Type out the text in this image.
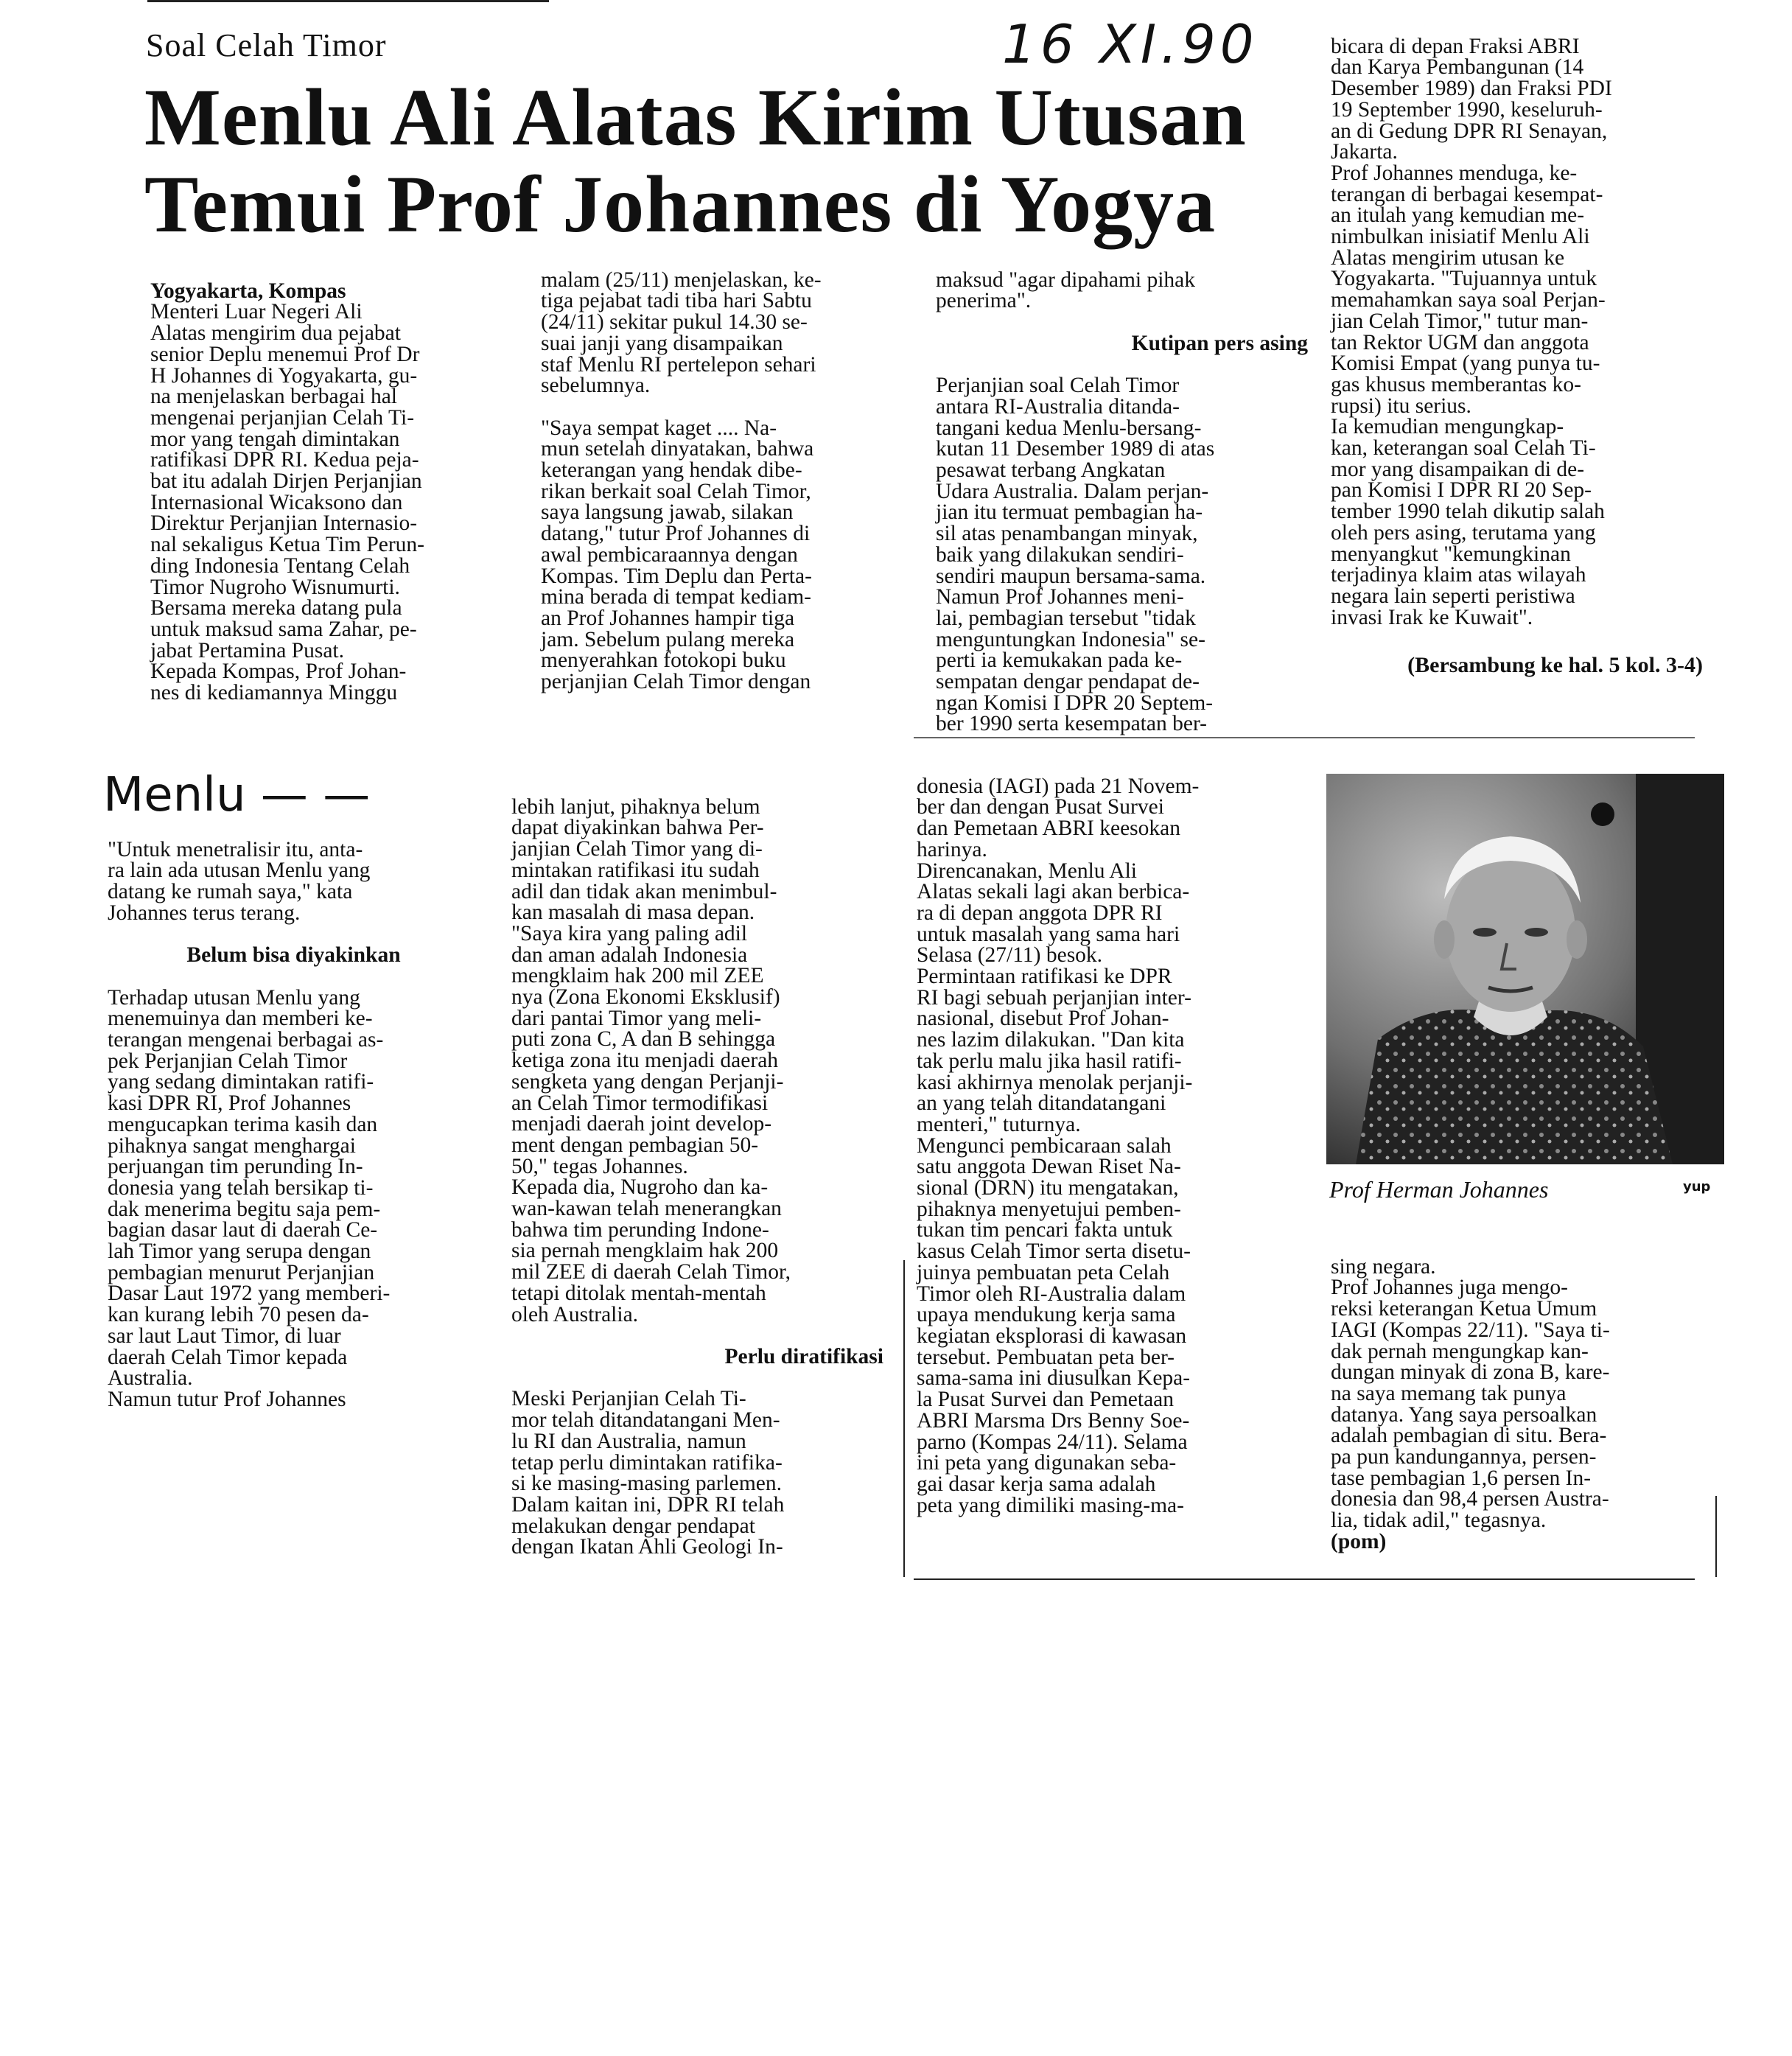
Soal Celah Timor	16 XI.90
Menlu Ali Alatas Kirim Utusan Temui Prof Johannes di Yogya

Yogyakarta, Kompas

Menteri Luar Negeri Ali
Alatas mengirim dua pejabat
senior Deplu menemui Prof Dr
H Johannes di Yogyakarta, gu-
na menjelaskan berbagai hal
mengenai perjanjian Celah Ti-
mor yang tengah dimintakan
ratifikasi DPR RI. Kedua peja-
bat itu adalah Dirjen Perjanjian
Internasional Wicaksono dan
Direktur Perjanjian Internasio-
nal sekaligus Ketua Tim Perun-
ding Indonesia Tentang Celah
Timor Nugroho Wisnumurti.
Bersama mereka datang pula
untuk maksud sama Zahar, pe-
jabat Pertamina Pusat.
Kepada Kompas, Prof Johan-
nes di kediamannya Minggu

malam (25/11) menjelaskan, ke-
tiga pejabat tadi tiba hari Sabtu
(24/11) sekitar pukul 14.30 se-
suai janji yang disampaikan
staf Menlu RI pertelepon sehari
sebelumnya.

"Saya sempat kaget .... Na-
mun setelah dinyatakan, bahwa
keterangan yang hendak dibe-
rikan berkait soal Celah Timor,
saya langsung jawab, silakan
datang," tutur Prof Johannes di
awal pembicaraannya dengan
Kompas. Tim Deplu dan Perta-
mina berada di tempat kediam-
an Prof Johannes hampir tiga
jam. Sebelum pulang mereka
menyerahkan fotokopi buku
perjanjian Celah Timor dengan

maksud "agar dipahami pihak
penerima".

Kutipan pers asing

Perjanjian soal Celah Timor
antara RI-Australia ditanda-
tangani kedua Menlu-bersang-
kutan 11 Desember 1989 di atas
pesawat terbang Angkatan
Udara Australia. Dalam perjan-
jian itu termuat pembagian ha-
sil atas penambangan minyak,
baik yang dilakukan sendiri-
sendiri maupun bersama-sama.
Namun Prof Johannes meni-
lai, pembagian tersebut "tidak
menguntungkan Indonesia" se-
perti ia kemukakan pada ke-
sempatan dengar pendapat de-
ngan Komisi I DPR 20 Septem-
ber 1990 serta kesempatan ber-

bicara di depan Fraksi ABRI
dan Karya Pembangunan (14
Desember 1989) dan Fraksi PDI
19 September 1990, keseluruh-
an di Gedung DPR RI Senayan,
Jakarta.
Prof Johannes menduga, ke-
terangan di berbagai kesempat-
an itulah yang kemudian me-
nimbulkan inisiatif Menlu Ali
Alatas mengirim utusan ke
Yogyakarta. "Tujuannya untuk
memahamkan saya soal Perjan-
jian Celah Timor," tutur man-
tan Rektor UGM dan anggota
Komisi Empat (yang punya tu-
gas khusus memberantas ko-
rupsi) itu serius.
Ia kemudian mengungkap-
kan, keterangan soal Celah Ti-
mor yang disampaikan di de-
pan Komisi I DPR RI 20 Sep-
tember 1990 telah dikutip salah
oleh pers asing, terutama yang
menyangkut "kemungkinan
terjadinya klaim atas wilayah
negara lain seperti peristiwa
invasi Irak ke Kuwait".

(Bersambung ke hal. 5 kol. 3-4)

Menlu — —

"Untuk menetralisir itu, anta-
ra lain ada utusan Menlu yang
datang ke rumah saya," kata
Johannes terus terang.

Belum bisa diyakinkan

Terhadap utusan Menlu yang
menemuinya dan memberi ke-
terangan mengenai berbagai as-
pek Perjanjian Celah Timor
yang sedang dimintakan ratifi-
kasi DPR RI, Prof Johannes
mengucapkan terima kasih dan
pihaknya sangat menghargai
perjuangan tim perunding In-
donesia yang telah bersikap ti-
dak menerima begitu saja pem-
bagian dasar laut di daerah Ce-
lah Timor yang serupa dengan
pembagian menurut Perjanjian
Dasar Laut 1972 yang memberi-
kan kurang lebih 70 pesen da-
sar laut Laut Timor, di luar
daerah Celah Timor kepada
Australia.
Namun tutur Prof Johannes

lebih lanjut, pihaknya belum
dapat diyakinkan bahwa Per-
janjian Celah Timor yang di-
mintakan ratifikasi itu sudah
adil dan tidak akan menimbul-
kan masalah di masa depan.
"Saya kira yang paling adil
dan aman adalah Indonesia
mengklaim hak 200 mil ZEE
nya (Zona Ekonomi Eksklusif)
dari pantai Timor yang meli-
puti zona C, A dan B sehingga
ketiga zona itu menjadi daerah
sengketa yang dengan Perjanji-
an Celah Timor termodifikasi
menjadi daerah joint develop-
ment dengan pembagian 50-
50," tegas Johannes.
Kepada dia, Nugroho dan ka-
wan-kawan telah menerangkan
bahwa tim perunding Indone-
sia pernah mengklaim hak 200
mil ZEE di daerah Celah Timor,
tetapi ditolak mentah-mentah
oleh Australia.

Perlu diratifikasi

Meski Perjanjian Celah Ti-
mor telah ditandatangani Men-
lu RI dan Australia, namun
tetap perlu dimintakan ratifika-
si ke masing-masing parlemen.
Dalam kaitan ini, DPR RI telah
melakukan dengar pendapat
dengan Ikatan Ahli Geologi In-

donesia (IAGI) pada 21 Novem-
ber dan dengan Pusat Survei
dan Pemetaan ABRI keesokan
harinya.
Direncanakan, Menlu Ali
Alatas sekali lagi akan berbica-
ra di depan anggota DPR RI
untuk masalah yang sama hari
Selasa (27/11) besok.
Permintaan ratifikasi ke DPR
RI bagi sebuah perjanjian inter-
nasional, disebut Prof Johan-
nes lazim dilakukan. "Dan kita
tak perlu malu jika hasil ratifi-
kasi akhirnya menolak perjanji-
an yang telah ditandatangani
menteri," tuturnya.
Mengunci pembicaraan salah
satu anggota Dewan Riset Na-
sional (DRN) itu mengatakan,
pihaknya menyetujui pemben-
tukan tim pencari fakta untuk
kasus Celah Timor serta disetu-
juinya pembuatan peta Celah
Timor oleh RI-Australia dalam
upaya mendukung kerja sama
kegiatan eksplorasi di kawasan
tersebut. Pembuatan peta ber-
sama-sama ini diusulkan Kepa-
la Pusat Survei dan Pemetaan
ABRI Marsma Drs Benny Soe-
parno (Kompas 24/11). Selama
ini peta yang digunakan seba-
gai dasar kerja sama adalah
peta yang dimiliki masing-ma-

Prof Herman Johannes	yup

sing negara.
Prof Johannes juga mengo-
reksi keterangan Ketua Umum
IAGI (Kompas 22/11). "Saya ti-
dak pernah mengungkap kan-
dungan minyak di zona B, kare-
na saya memang tak punya
datanya. Yang saya persoalkan
adalah pembagian di situ. Bera-
pa pun kandungannya, persen-
tase pembagian 1,6 persen In-
donesia dan 98,4 persen Austra-
lia, tidak adil," tegasnya.
(pom)
